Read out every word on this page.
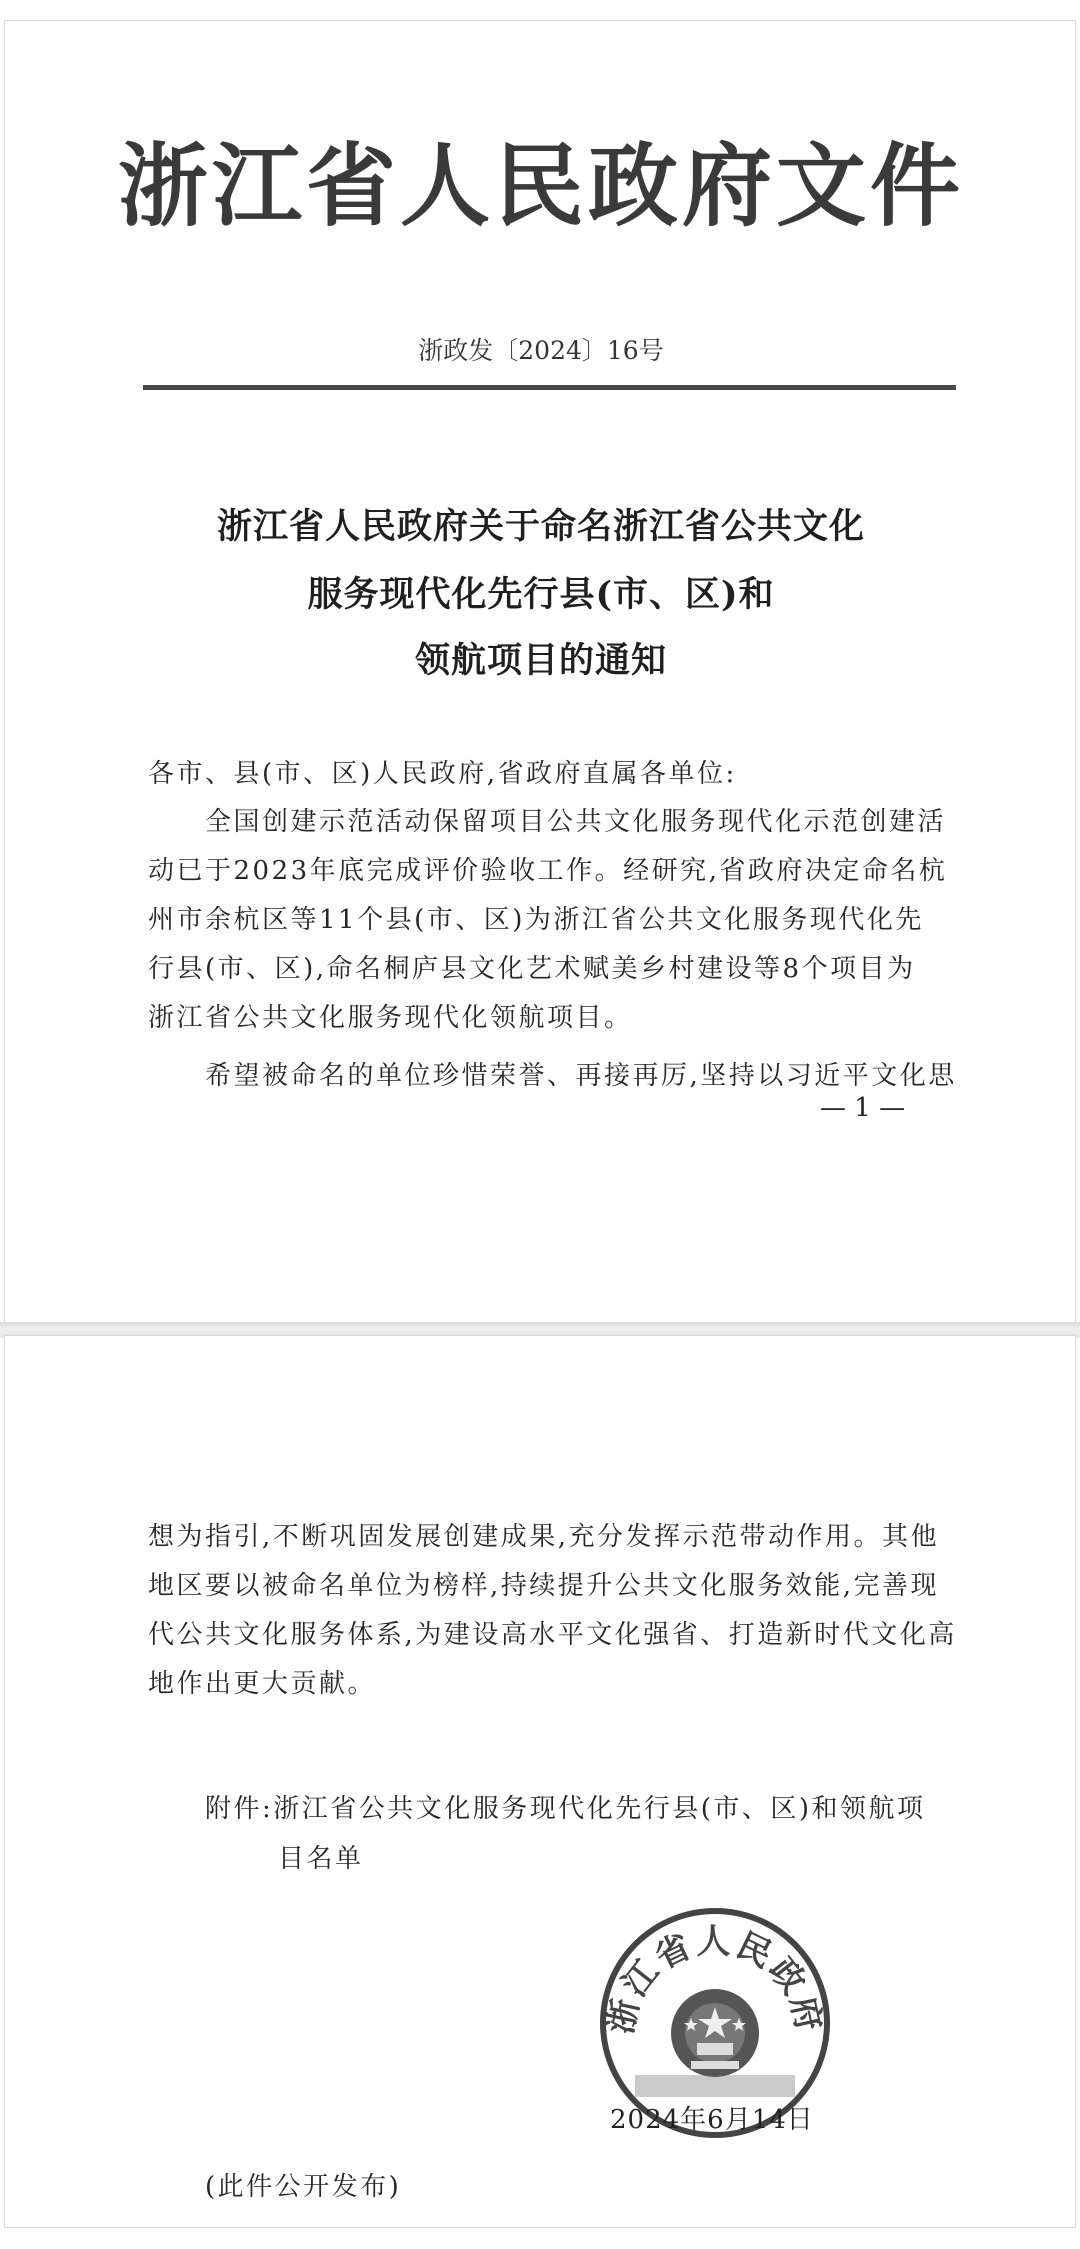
浙江省人民政府文件
浙政发〔2024〕16号
浙江省人民政府关于命名浙江省公共文化
服务现代化先行县(市、区)和
领航项目的通知
各市、县(市、区)人民政府,省政府直属各单位:
全国创建示范活动保留项目公共文化服务现代化示范创建活
动已于2023年底完成评价验收工作。经研究,省政府决定命名杭
州市余杭区等11个县(市、区)为浙江省公共文化服务现代化先
行县(市、区),命名桐庐县文化艺术赋美乡村建设等8个项目为
浙江省公共文化服务现代化领航项目。
希望被命名的单位珍惜荣誉、再接再厉,坚持以习近平文化思
— 1 —
想为指引,不断巩固发展创建成果,充分发挥示范带动作用。其他
地区要以被命名单位为榜样,持续提升公共文化服务效能,完善现
代公共文化服务体系,为建设高水平文化强省、打造新时代文化高
地作出更大贡献。
附件:浙江省公共文化服务现代化先行县(市、区)和领航项
目名单
浙江省人民政府
2024年6月14日
(此件公开发布)
